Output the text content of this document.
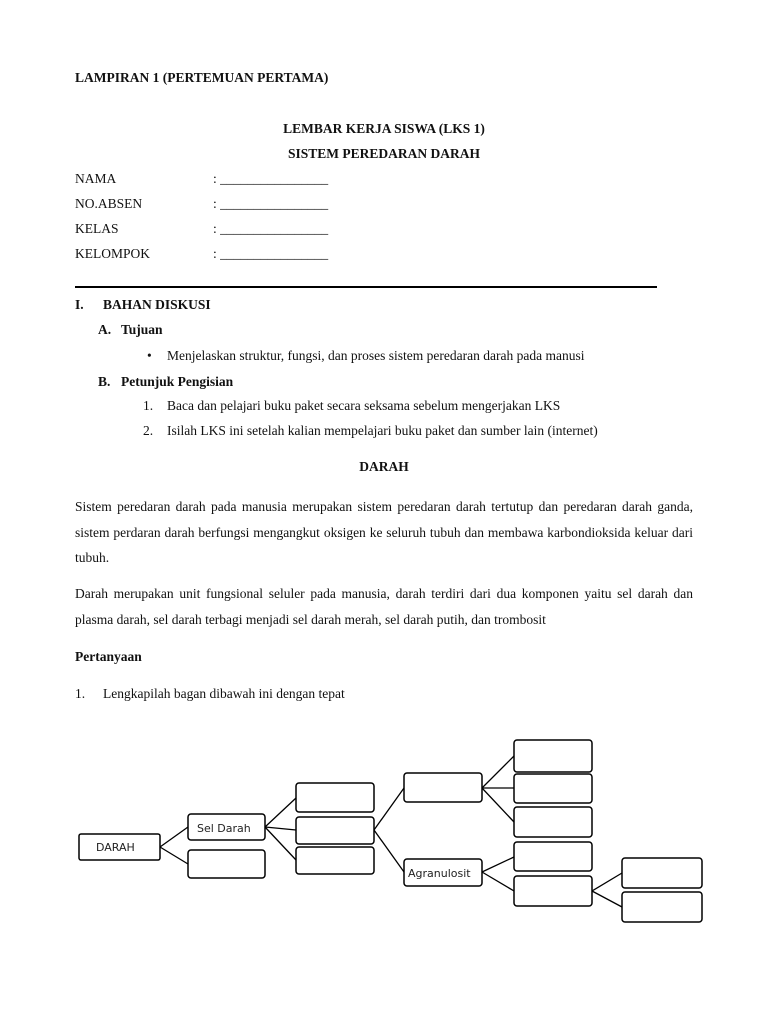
LAMPIRAN 1 (PERTEMUAN PERTAMA)
LEMBAR KERJA SISWA (LKS 1)
SISTEM PEREDARAN DARAH
NAMA	: ________________
NO.ABSEN	: ________________
KELAS	: ________________
KELOMPOK	: ________________
I. BAHAN DISKUSI
A. Tujuan
• Menjelaskan struktur, fungsi, dan proses sistem peredaran darah pada manusi
B. Petunjuk Pengisian
1. Baca dan pelajari buku paket secara seksama sebelum mengerjakan LKS
2. Isilah LKS ini setelah kalian mempelajari buku paket dan sumber lain (internet)
DARAH
Sistem peredaran darah pada manusia merupakan sistem peredaran darah tertutup dan peredaran darah ganda, sistem perdaran darah berfungsi mengangkut oksigen ke seluruh tubuh dan membawa karbondioksida keluar dari tubuh.
Darah merupakan unit fungsional seluler pada manusia, darah terdiri dari dua komponen yaitu sel darah dan plasma darah, sel darah terbagi menjadi sel darah merah, sel darah putih, dan trombosit
Pertanyaan
1. Lengkapilah bagan dibawah ini dengan tepat
DARAH
Sel Darah
Agranulosit
